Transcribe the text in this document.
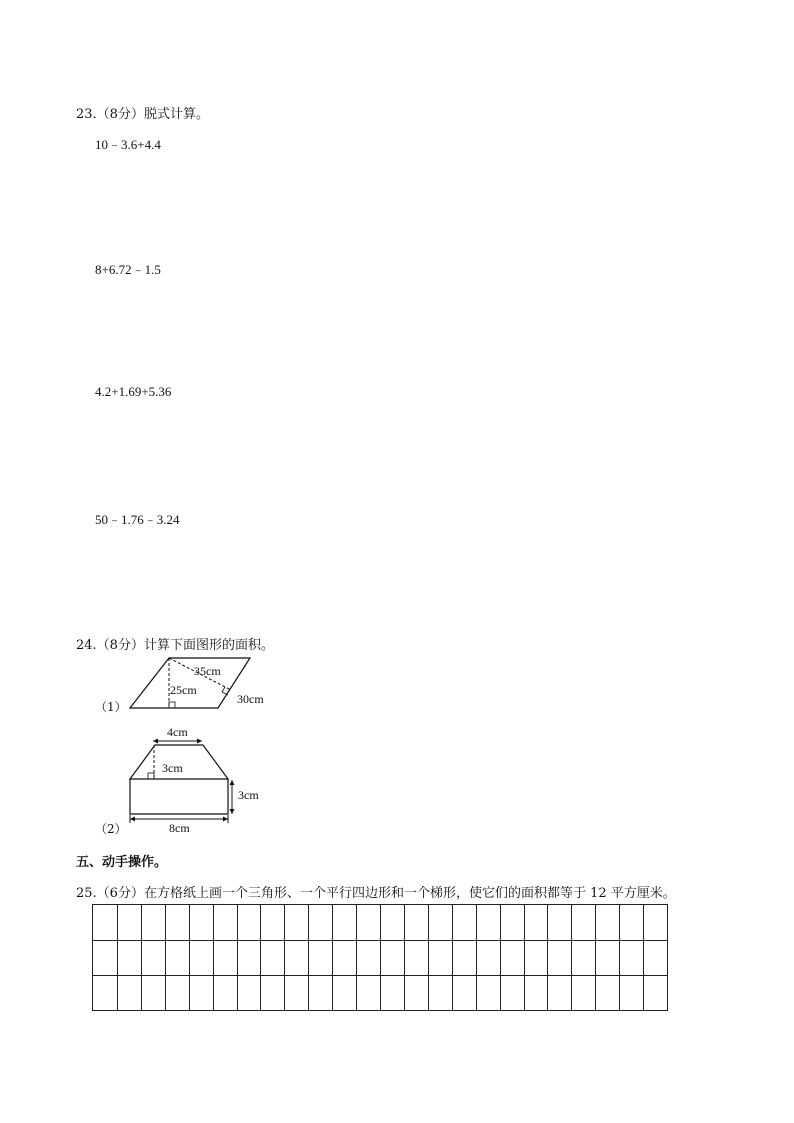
23.（8分）脱式计算。
10﹣3.6+4.4
8+6.72﹣1.5
4.2+1.69+5.36
50﹣1.76﹣3.24
24.（8分）计算下面图形的面积。
（1）
35cm
25cm
30cm
（2）
4cm
3cm
3cm
8cm
五、动手操作。
25.（6分）在方格纸上画一个三角形、一个平行四边形和一个梯形，使它们的面积都等于 12 平方厘米。
